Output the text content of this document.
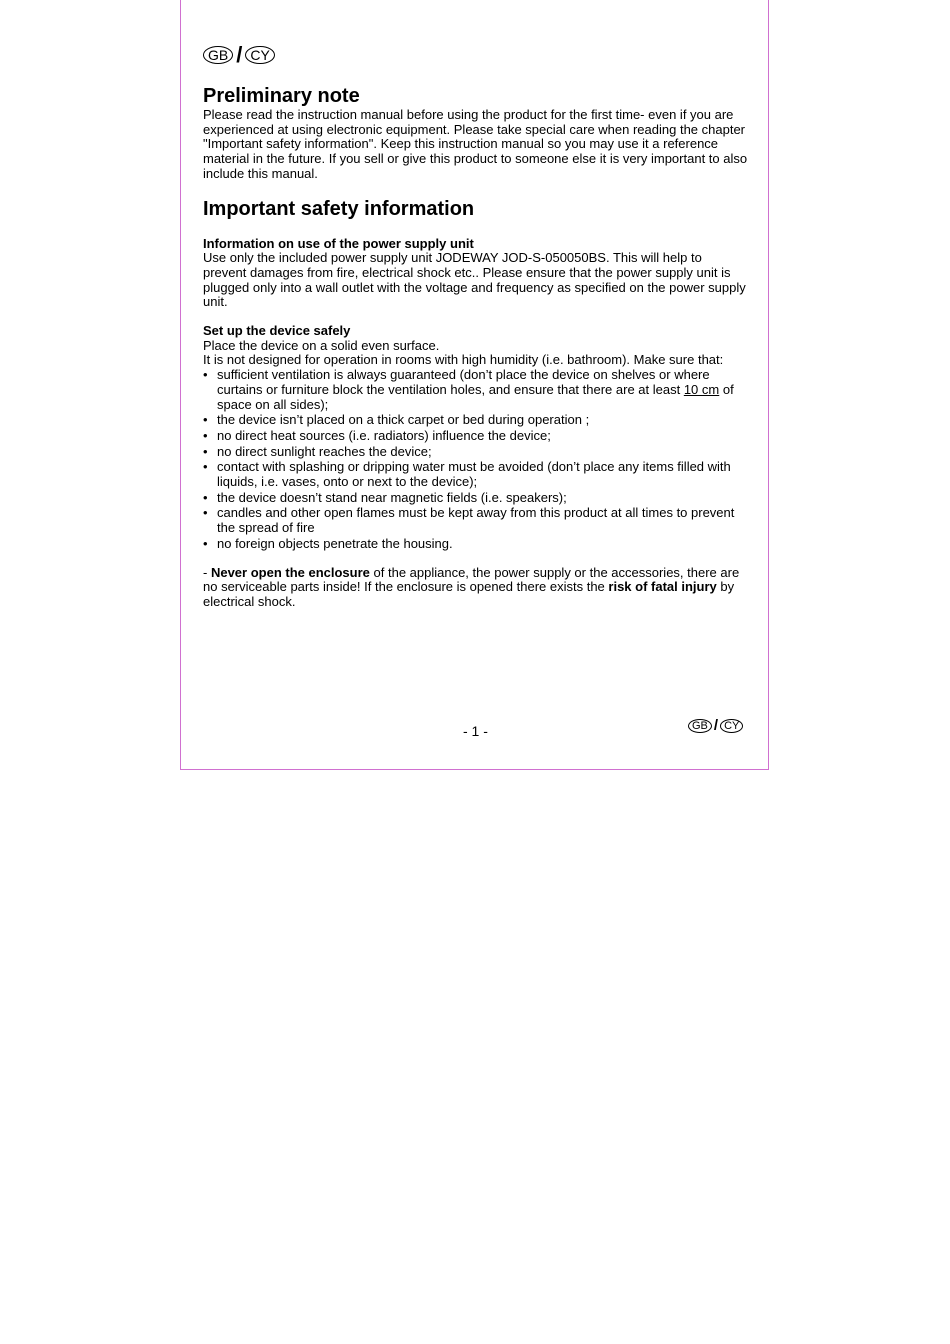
GB / CY
Preliminary note

Please read the instruction manual before using the product for the first time- even if you are experienced at using electronic equipment. Please take special care when reading the chapter "Important safety information". Keep this instruction manual so you may use it a reference material in the future. If you sell or give this product to someone else it is very important to also include this manual.

Important safety information

Information on use of the power supply unit

Use only the included power supply unit JODEWAY JOD-S-050050BS. This will help to prevent damages from fire, electrical shock etc.. Please ensure that the power supply unit is plugged only into a wall outlet with the voltage and frequency as specified on the power supply unit.

Set up the device safely

Place the device on a solid even surface.

It is not designed for operation in rooms with high humidity (i.e. bathroom). Make sure that:

• sufficient ventilation is always guaranteed (don’t place the device on shelves or where curtains or furniture block the ventilation holes, and ensure that there are at least 10 cm of space on all sides);
• the device isn’t placed on a thick carpet or bed during operation ;
• no direct heat sources (i.e. radiators) influence the device;
• no direct sunlight reaches the device;
• contact with splashing or dripping water must be avoided (don’t place any items filled with liquids, i.e. vases, onto or next to the device);
• the device doesn’t stand near magnetic fields (i.e. speakers);
• candles and other open flames must be kept away from this product at all times to prevent the spread of fire
• no foreign objects penetrate the housing.

- Never open the enclosure of the appliance, the power supply or the accessories, there are no serviceable parts inside! If the enclosure is opened there exists the risk of fatal injury by electrical shock.

- 1 -	GB / CY
